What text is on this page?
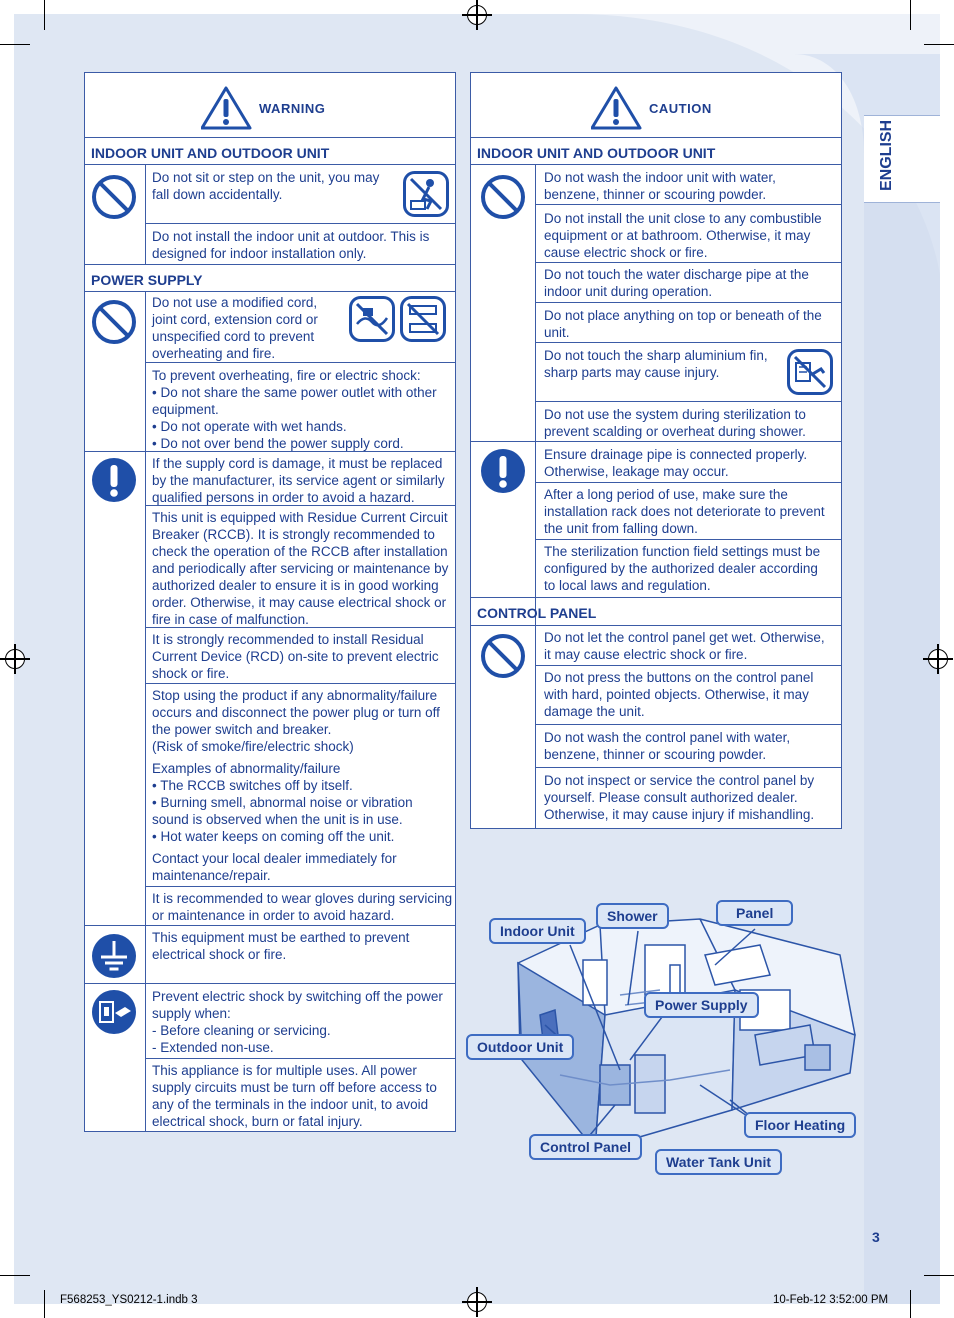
ENGLISH
WARNING
INDOOR UNIT AND OUTDOOR UNIT
Do not sit or step on the unit, you may
fall down accidentally.
Do not install the indoor unit at outdoor. This is
designed for indoor installation only.
POWER SUPPLY
Do not use a modified cord,
joint cord, extension cord or
unspecified cord to prevent
overheating and fire.
To prevent overheating, fire or electric shock:
• Do not share the same power outlet with other
equipment.
• Do not operate with wet hands.
• Do not over bend the power supply cord.
If the supply cord is damage, it must be replaced
by the manufacturer, its service agent or similarly
qualified persons in order to avoid a hazard.
This unit is equipped with Residue Current Circuit
Breaker (RCCB). It is strongly recommended to
check the operation of the RCCB after installation
and periodically after servicing or maintenance by
authorized dealer to ensure it is in good working
order. Otherwise, it may cause electrical shock or
fire in case of malfunction.
It is strongly recommended to install Residual
Current Device (RCD) on-site to prevent electric
shock or fire.
Stop using the product if any abnormality/failure
occurs and disconnect the power plug or turn off
the power switch and breaker.
(Risk of smoke/fire/electric shock)
Examples of abnormality/failure
• The RCCB switches off by itself.
• Burning smell, abnormal noise or vibration
sound is observed when the unit is in use.
• Hot water keeps on coming off the unit.
Contact your local dealer immediately for
maintenance/repair.
It is recommended to wear gloves during servicing
or maintenance in order to avoid hazard.
This equipment must be earthed to prevent
electrical shock or fire.
Prevent electric shock by switching off the power
supply when:
- Before cleaning or servicing.
- Extended non-use.
This appliance is for multiple uses. All power
supply circuits must be turn off before access to
any of the terminals in the indoor unit, to avoid
electrical shock, burn or fatal injury.
CAUTION
INDOOR UNIT AND OUTDOOR UNIT
Do not wash the indoor unit with water,
benzene, thinner or scouring powder.
Do not install the unit close to any combustible
equipment or at bathroom. Otherwise, it may
cause electric shock or fire.
Do not touch the water discharge pipe at the
indoor unit during operation.
Do not place anything on top or beneath of the
unit.
Do not touch the sharp aluminium fin,
sharp parts may cause injury.
Do not use the system during sterilization to
prevent scalding or overheat during shower.
Ensure drainage pipe is connected properly.
Otherwise, leakage may occur.
After a long period of use, make sure the
installation rack does not deteriorate to prevent
the unit from falling down.
The sterilization function field settings must be
configured by the authorized dealer according
to local laws and regulation.
CONTROL PANEL
Do not let the control panel get wet. Otherwise,
it may cause electric shock or fire.
Do not press the buttons on the control panel
with hard, pointed objects. Otherwise, it may
damage the unit.
Do not wash the control panel with water,
benzene, thinner or scouring powder.
Do not inspect or service the control panel by
yourself. Please consult authorized dealer.
Otherwise, it may cause injury if mishandling.
Indoor Unit
Shower	Panel
Power Supply
Outdoor Unit
Floor Heating
Control Panel
Water Tank Unit
3
F568253_YS0212-1.indb 3	10-Feb-12 3:52:00 PM
